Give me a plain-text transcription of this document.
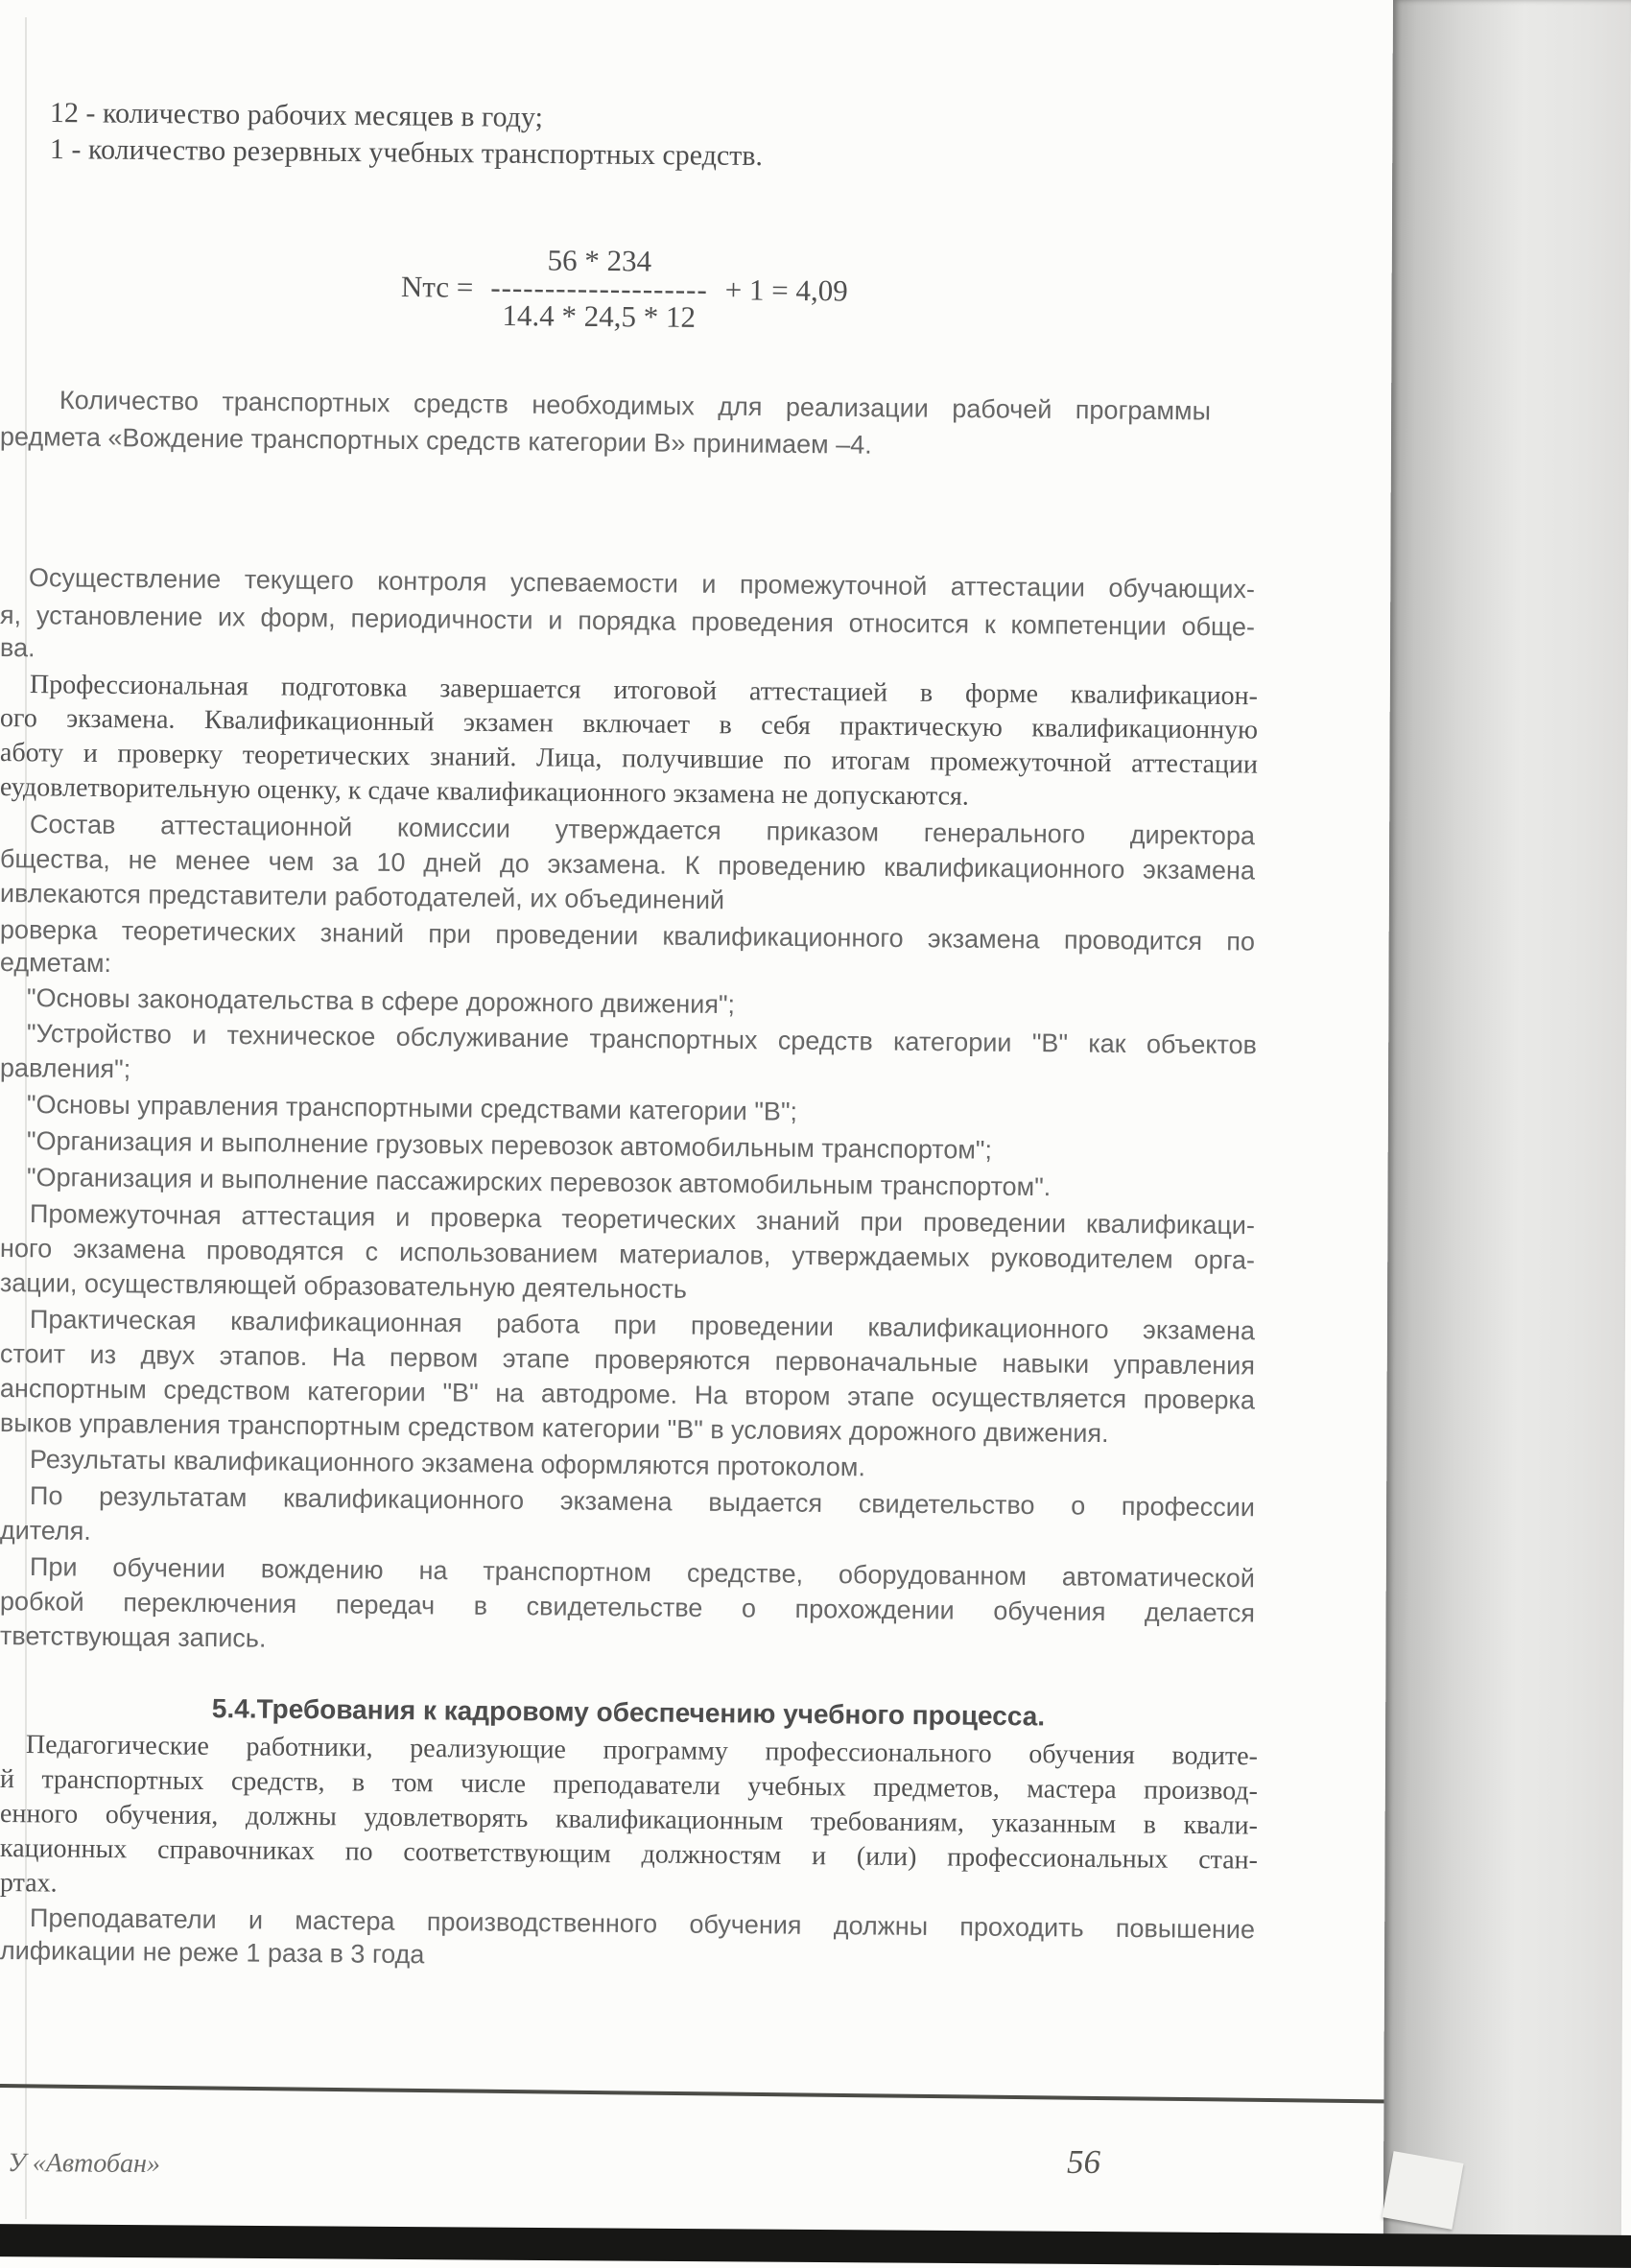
12 - количество рабочих месяцев в году;
1 - количество резервных учебных транспортных средств.
Количество транспортных средств необходимых для реализации рабочей программы
редмета «Вождение транспортных средств категории В» принимаем –4.
Осуществление текущего контроля успеваемости и промежуточной аттестации обучающих-
я, установление их форм, периодичности и порядка проведения относится к компетенции обще-
ва.
Профессиональная подготовка завершается итоговой аттестацией в форме квалификацион-
ого экзамена. Квалификационный экзамен включает в себя практическую квалификационную
аботу и проверку теоретических знаний. Лица, получившие по итогам промежуточной аттестации
еудовлетворительную оценку, к сдаче квалификационного экзамена не допускаются.
Состав аттестационной комиссии утверждается приказом генерального директора
бщества, не менее чем за 10 дней до экзамена. К проведению квалификационного экзамена
ивлекаются представители работодателей, их объединений
роверка теоретических знаний при проведении квалификационного экзамена проводится по
едметам:
"Основы законодательства в сфере дорожного движения";
"Устройство и техническое обслуживание транспортных средств категории "В" как объектов
равления";
"Основы управления транспортными средствами категории "В";
"Организация и выполнение грузовых перевозок автомобильным транспортом";
"Организация и выполнение пассажирских перевозок автомобильным транспортом".
Промежуточная аттестация и проверка теоретических знаний при проведении квалификаци-
ного экзамена проводятся с использованием материалов, утверждаемых руководителем орга-
зации, осуществляющей образовательную деятельность
Практическая квалификационная работа при проведении квалификационного экзамена
стоит из двух этапов. На первом этапе проверяются первоначальные навыки управления
анспортным средством категории "В" на автодроме. На втором этапе осуществляется проверка
выков управления транспортным средством категории "В" в условиях дорожного движения.
Результаты квалификационного экзамена оформляются протоколом.
По результатам квалификационного экзамена выдается свидетельство о профессии
дителя.
При обучении вождению на транспортном средстве, оборудованном автоматической
робкой переключения передач в свидетельстве о прохождении обучения делается
тветствующая запись.
5.4.Требования к кадровому обеспечению учебного процесса.
Педагогические работники, реализующие программу профессионального обучения водите-
й транспортных средств, в том числе преподаватели учебных предметов, мастера производ-
енного обучения, должны удовлетворять квалификационным требованиям, указанным в квали-
кационных справочниках по соответствующим должностям и (или) профессиональных стан-
ртах.
Преподаватели и мастера производственного обучения должны проходить повышение
лификации не реже 1 раза в 3 года
Nтс =
56 * 234
--------------------
14.4 * 24,5 * 12
+ 1 = 4,09
У «Автобан»	56
